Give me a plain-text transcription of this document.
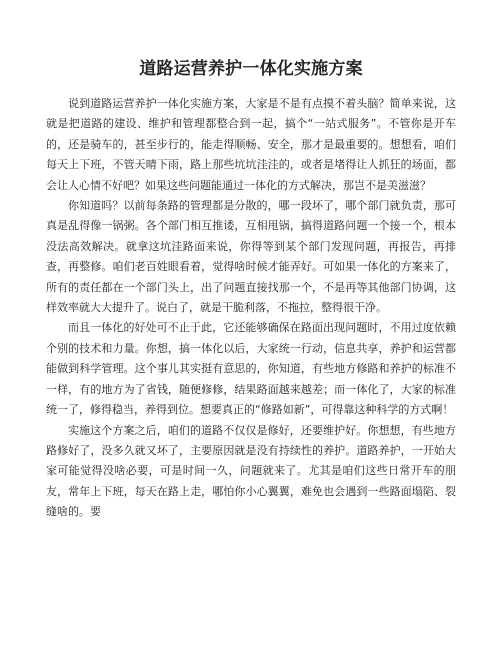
道路运营养护一体化实施方案

说到道路运营养护一体化实施方案，大家是不是有点摸不着头脑？简单来说，这就是把道路的建设、维护和管理都整合到一起，搞个“一站式服务”。不管你是开车的，还是骑车的，甚至步行的，能走得顺畅、安全，那才是最重要的。想想看，咱们每天上下班，不管天晴下雨，路上那些坑坑洼洼的，或者是堵得让人抓狂的场面，都会让人心情不好吧？如果这些问题能通过一体化的方式解决，那岂不是美滋滋？

你知道吗？以前每条路的管理都是分散的，哪一段坏了，哪个部门就负责，那可真是乱得像一锅粥。各个部门相互推诿，互相甩锅，搞得道路问题一个接一个，根本没法高效解决。就拿这坑洼路面来说，你得等到某个部门发现问题，再报告，再排查，再整修。咱们老百姓眼看着，觉得啥时候才能弄好。可如果一体化的方案来了，所有的责任都在一个部门头上，出了问题直接找那一个，不是再等其他部门协调，这样效率就大大提升了。说白了，就是干脆利落，不拖拉，整得很干净。

而且一体化的好处可不止于此，它还能够确保在路面出现问题时，不用过度依赖个别的技术和力量。你想，搞一体化以后，大家统一行动，信息共享，养护和运营都能做到科学管理。这个事儿其实挺有意思的，你知道，有些地方修路和养护的标准不一样，有的地方为了省钱，随便修修，结果路面越来越差；而一体化了，大家的标准统一了，修得稳当，养得到位。想要真正的“修路如新”，可得靠这种科学的方式啊！

实施这个方案之后，咱们的道路不仅仅是修好，还要维护好。你想想，有些地方路修好了，没多久就又坏了，主要原因就是没有持续性的养护。道路养护，一开始大家可能觉得没啥必要，可是时间一久，问题就来了。尤其是咱们这些日常开车的朋友，常年上下班，每天在路上走，哪怕你小心翼翼，难免也会遇到一些路面塌陷、裂缝啥的。要
